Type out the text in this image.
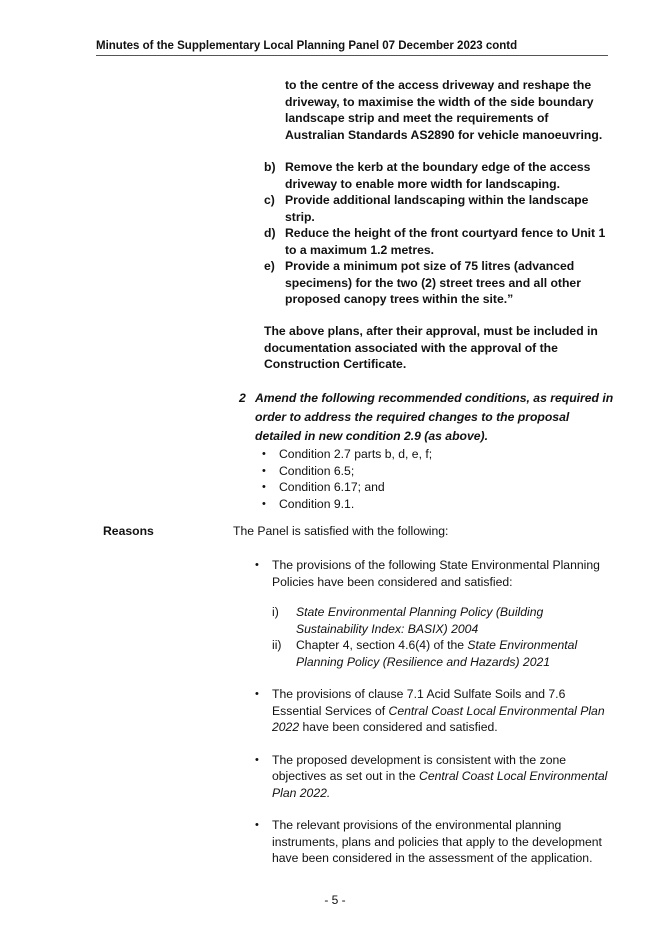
Minutes of the Supplementary Local Planning Panel 07 December 2023 contd
to the centre of the access driveway and reshape the driveway, to maximise the width of the side boundary landscape strip and meet the requirements of Australian Standards AS2890 for vehicle manoeuvring.
b) Remove the kerb at the boundary edge of the access driveway to enable more width for landscaping.
c) Provide additional landscaping within the landscape strip.
d) Reduce the height of the front courtyard fence to Unit 1 to a maximum 1.2 metres.
e) Provide a minimum pot size of 75 litres (advanced specimens) for the two (2) street trees and all other proposed canopy trees within the site.”
The above plans, after their approval, must be included in documentation associated with the approval of the Construction Certificate.
2 Amend the following recommended conditions, as required in order to address the required changes to the proposal detailed in new condition 2.9 (as above).
•	Condition 2.7 parts b, d, e, f;
•	Condition 6.5;
•	Condition 6.17; and
•	Condition 9.1.
Reasons	The Panel is satisfied with the following:
•	The provisions of the following State Environmental Planning Policies have been considered and satisfied:
i)	State Environmental Planning Policy (Building Sustainability Index: BASIX) 2004
ii)	Chapter 4, section 4.6(4) of the State Environmental Planning Policy (Resilience and Hazards) 2021
•	The provisions of clause 7.1 Acid Sulfate Soils and 7.6 Essential Services of Central Coast Local Environmental Plan 2022 have been considered and satisfied.
•	The proposed development is consistent with the zone objectives as set out in the Central Coast Local Environmental Plan 2022.
•	The relevant provisions of the environmental planning instruments, plans and policies that apply to the development have been considered in the assessment of the application.
- 5 -
